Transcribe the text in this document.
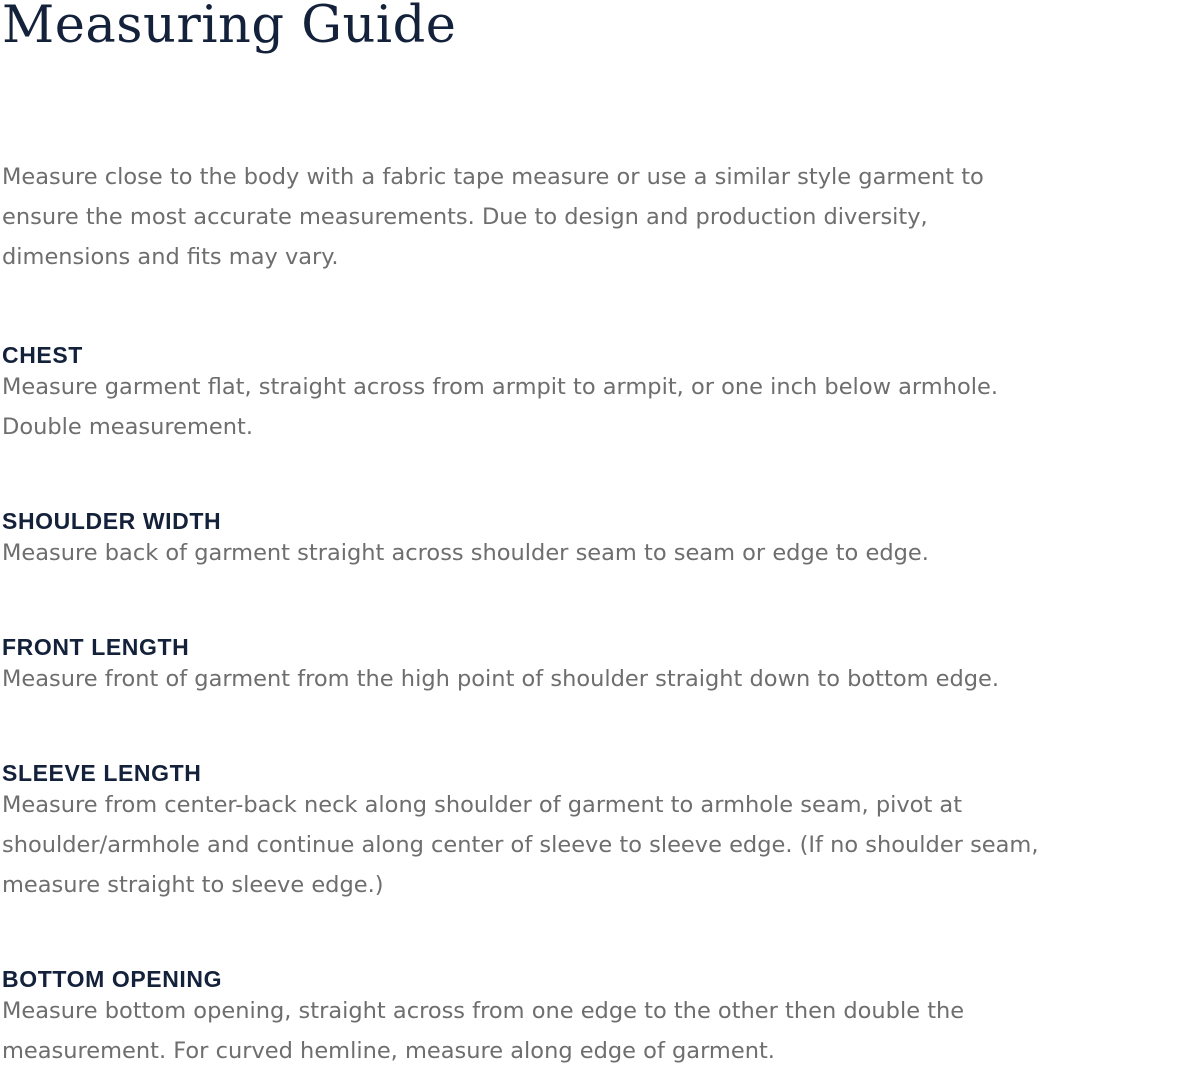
Measuring Guide

Measure close to the body with a fabric tape measure or use a similar style garment to
ensure the most accurate measurements. Due to design and production diversity,
dimensions and fits may vary.

CHEST

Measure garment flat, straight across from armpit to armpit, or one inch below armhole.
Double measurement.

SHOULDER WIDTH

Measure back of garment straight across shoulder seam to seam or edge to edge.

FRONT LENGTH

Measure front of garment from the high point of shoulder straight down to bottom edge.

SLEEVE LENGTH

Measure from center-back neck along shoulder of garment to armhole seam, pivot at
shoulder/armhole and continue along center of sleeve to sleeve edge. (If no shoulder seam,
measure straight to sleeve edge.)

BOTTOM OPENING

Measure bottom opening, straight across from one edge to the other then double the
measurement. For curved hemline, measure along edge of garment.
